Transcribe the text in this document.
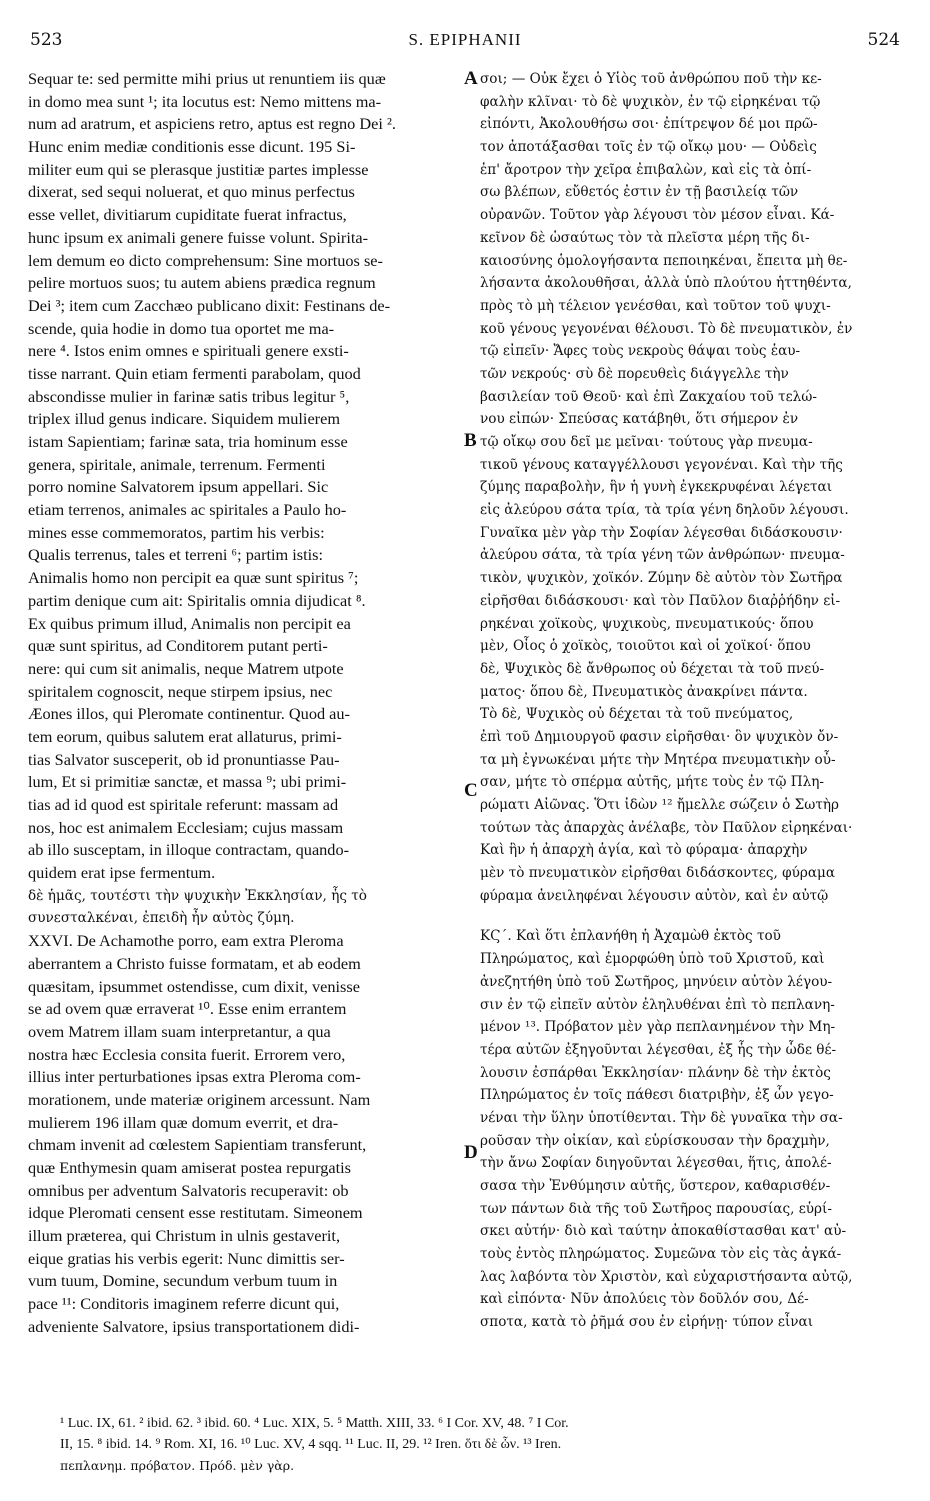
523	S. EPIPHANII	524
A
B
C
D
Sequar te: sed permitte mihi prius ut renuntiem iis quæ
in domo mea sunt ¹; ita locutus est: Nemo mittens ma-
num ad aratrum, et aspiciens retro, aptus est regno Dei ².
Hunc enim mediæ conditionis esse dicunt. 195 Si-
militer eum qui se plerasque justitiæ partes implesse
dixerat, sed sequi noluerat, et quo minus perfectus
esse vellet, divitiarum cupiditate fuerat infractus,
hunc ipsum ex animali genere fuisse volunt. Spirita-
lem demum eo dicto comprehensum: Sine mortuos se-
pelire mortuos suos; tu autem abiens prædica regnum
Dei ³; item cum Zacchæo publicano dixit: Festinans de-
scende, quia hodie in domo tua oportet me ma-
nere ⁴. Istos enim omnes e spirituali genere exsti-
tisse narrant. Quin etiam fermenti parabolam, quod
abscondisse mulier in farinæ satis tribus legitur ⁵,
triplex illud genus indicare. Siquidem mulierem
istam Sapientiam; farinæ sata, tria hominum esse
genera, spiritale, animale, terrenum. Fermenti
porro nomine Salvatorem ipsum appellari. Sic
etiam terrenos, animales ac spiritales a Paulo ho-
mines esse commemoratos, partim his verbis:
Qualis terrenus, tales et terreni ⁶; partim istis:
Animalis homo non percipit ea quæ sunt spiritus ⁷;
partim denique cum ait: Spiritalis omnia dijudicat ⁸.
Ex quibus primum illud, Animalis non percipit ea
quæ sunt spiritus, ad Conditorem putant perti-
nere: qui cum sit animalis, neque Matrem utpote
spiritalem cognoscit, neque stirpem ipsius, nec
Æones illos, qui Pleromate continentur. Quod au-
tem eorum, quibus salutem erat allaturus, primi-
tias Salvator susceperit, ob id pronuntiasse Pau-
lum, Et si primitiæ sanctæ, et massa ⁹; ubi primi-
tias ad id quod est spiritale referunt: massam ad
nos, hoc est animalem Ecclesiam; cujus massam
ab illo susceptam, in illoque contractam, quando-
quidem erat ipse fermentum.
δὲ ἡμᾶς, τουτέστι τὴν ψυχικὴν Ἐκκλησίαν, ἧς τὸ
συνεσταλκέναι, ἐπειδὴ ἦν αὐτὸς ζύμη.
XXVI. De Achamothe porro, eam extra Pleroma
aberrantem a Christo fuisse formatam, et ab eodem
quæsitam, ipsummet ostendisse, cum dixit, venisse
se ad ovem quæ erraverat ¹⁰. Esse enim errantem
ovem Matrem illam suam interpretantur, a qua
nostra hæc Ecclesia consita fuerit. Errorem vero,
illius inter perturbationes ipsas extra Pleroma com-
morationem, unde materiæ originem arcessunt. Nam
mulierem 196 illam quæ domum everrit, et dra-
chmam invenit ad cœlestem Sapientiam transferunt,
quæ Enthymesin quam amiserat postea repurgatis
omnibus per adventum Salvatoris recuperavit: ob
idque Pleromati censent esse restitutam. Simeonem
illum præterea, qui Christum in ulnis gestaverit,
eique gratias his verbis egerit: Nunc dimittis ser-
vum tuum, Domine, secundum verbum tuum in
pace ¹¹: Conditoris imaginem referre dicunt qui,
adveniente Salvatore, ipsius transportationem didi-
σοι; — Οὐκ ἔχει ὁ Υἱὸς τοῦ ἀνθρώπου ποῦ τὴν κε-
φαλὴν κλῖναι· τὸ δὲ ψυχικὸν, ἐν τῷ εἰρηκέναι τῷ
εἰπόντι, Ἀκολουθήσω σοι· ἐπίτρεψον δέ μοι πρῶ-
τον ἀποτάξασθαι τοῖς ἐν τῷ οἴκῳ μου· — Οὐδεὶς
ἐπ' ἄροτρον τὴν χεῖρα ἐπιβαλὼν, καὶ εἰς τὰ ὀπί-
σω βλέπων, εὔθετός ἐστιν ἐν τῇ βασιλείᾳ τῶν
οὐρανῶν. Τοῦτον γὰρ λέγουσι τὸν μέσον εἶναι. Κά-
κεῖνον δὲ ὡσαύτως τὸν τὰ πλεῖστα μέρη τῆς δι-
καιοσύνης ὁμολογήσαντα πεποιηκέναι, ἔπειτα μὴ θε-
λήσαντα ἀκολουθῆσαι, ἀλλὰ ὑπὸ πλούτου ἡττηθέντα,
πρὸς τὸ μὴ τέλειον γενέσθαι, καὶ τοῦτον τοῦ ψυχι-
κοῦ γένους γεγονέναι θέλουσι. Τὸ δὲ πνευματικὸν, ἐν
τῷ εἰπεῖν· Ἄφες τοὺς νεκροὺς θάψαι τοὺς ἑαυ-
τῶν νεκρούς· σὺ δὲ πορευθεὶς διάγγελλε τὴν
βασιλείαν τοῦ Θεοῦ· καὶ ἐπὶ Ζακχαίου τοῦ τελώ-
νου εἰπών· Σπεύσας κατάβηθι, ὅτι σήμερον ἐν
τῷ οἴκῳ σου δεῖ με μεῖναι· τούτους γὰρ πνευμα-
τικοῦ γένους καταγγέλλουσι γεγονέναι. Καὶ τὴν τῆς
ζύμης παραβολὴν, ἣν ἡ γυνὴ ἐγκεκρυφέναι λέγεται
εἰς ἀλεύρου σάτα τρία, τὰ τρία γένη δηλοῦν λέγουσι.
Γυναῖκα μὲν γὰρ τὴν Σοφίαν λέγεσθαι διδάσκουσιν·
ἀλεύρου σάτα, τὰ τρία γένη τῶν ἀνθρώπων· πνευμα-
τικὸν, ψυχικὸν, χοϊκόν. Ζύμην δὲ αὐτὸν τὸν Σωτῆρα
εἰρῆσθαι διδάσκουσι· καὶ τὸν Παῦλον διαῤῥήδην εἰ-
ρηκέναι χοϊκοὺς, ψυχικοὺς, πνευματικούς· ὅπου
μὲν, Οἷος ὁ χοϊκὸς, τοιοῦτοι καὶ οἱ χοϊκοί· ὅπου
δὲ, Ψυχικὸς δὲ ἄνθρωπος οὐ δέχεται τὰ τοῦ πνεύ-
ματος· ὅπου δὲ, Πνευματικὸς ἀνακρίνει πάντα.
Τὸ δὲ, Ψυχικὸς οὐ δέχεται τὰ τοῦ πνεύματος,
ἐπὶ τοῦ Δημιουργοῦ φασιν εἰρῆσθαι· ὃν ψυχικὸν ὄν-
τα μὴ ἐγνωκέναι μήτε τὴν Μητέρα πνευματικὴν οὖ-
σαν, μήτε τὸ σπέρμα αὐτῆς, μήτε τοὺς ἐν τῷ Πλη-
ρώματι Αἰῶνας. Ὅτι ἰδὼν ¹² ἤμελλε σώζειν ὁ Σωτὴρ
τούτων τὰς ἀπαρχὰς ἀνέλαβε, τὸν Παῦλον εἰρηκέναι·
Καὶ ἣν ἡ ἀπαρχὴ ἁγία, καὶ τὸ φύραμα· ἀπαρχὴν
μὲν τὸ πνευματικὸν εἰρῆσθαι διδάσκοντες, φύραμα
φύραμα ἀνειληφέναι λέγουσιν αὐτὸν, καὶ ἐν αὐτῷ
ΚϚ΄. Καὶ ὅτι ἐπλανήθη ἡ Ἀχαμὼθ ἐκτὸς τοῦ
Πληρώματος, καὶ ἐμορφώθη ὑπὸ τοῦ Χριστοῦ, καὶ
ἀνεζητήθη ὑπὸ τοῦ Σωτῆρος, μηνύειν αὐτὸν λέγου-
σιν ἐν τῷ εἰπεῖν αὐτὸν ἐληλυθέναι ἐπὶ τὸ πεπλανη-
μένον ¹³. Πρόβατον μὲν γὰρ πεπλανημένον τὴν Μη-
τέρα αὐτῶν ἐξηγοῦνται λέγεσθαι, ἐξ ἧς τὴν ὧδε θέ-
λουσιν ἐσπάρθαι Ἐκκλησίαν· πλάνην δὲ τὴν ἐκτὸς
Πληρώματος ἐν τοῖς πάθεσι διατριβὴν, ἐξ ὧν γεγο-
νέναι τὴν ὕλην ὑποτίθενται. Τὴν δὲ γυναῖκα τὴν σα-
ροῦσαν τὴν οἰκίαν, καὶ εὑρίσκουσαν τὴν δραχμὴν,
τὴν ἄνω Σοφίαν διηγοῦνται λέγεσθαι, ἥτις, ἀπολέ-
σασα τὴν Ἐνθύμησιν αὐτῆς, ὕστερον, καθαρισθέν-
των πάντων διὰ τῆς τοῦ Σωτῆρος παρουσίας, εὑρί-
σκει αὐτήν· διὸ καὶ ταύτην ἀποκαθίστασθαι κατ' αὐ-
τοὺς ἐντὸς πληρώματος. Συμεῶνα τὸν εἰς τὰς ἀγκά-
λας λαβόντα τὸν Χριστὸν, καὶ εὐχαριστήσαντα αὐτῷ,
καὶ εἰπόντα· Νῦν ἀπολύεις τὸν δοῦλόν σου, Δέ-
σποτα, κατὰ τὸ ῥῆμά σου ἐν εἰρήνῃ· τύπον εἶναι
¹ Luc. IX, 61. ² ibid. 62. ³ ibid. 60. ⁴ Luc. XIX, 5. ⁵ Matth. XIII, 33. ⁶ I Cor. XV, 48. ⁷ I Cor.
II, 15. ⁸ ibid. 14. ⁹ Rom. XI, 16. ¹⁰ Luc. XV, 4 sqq. ¹¹ Luc. II, 29. ¹² Iren. ὅτι δὲ ὧν. ¹³ Iren.
πεπλανημ. πρόβατον. Πρόδ. μὲν γὰρ.
